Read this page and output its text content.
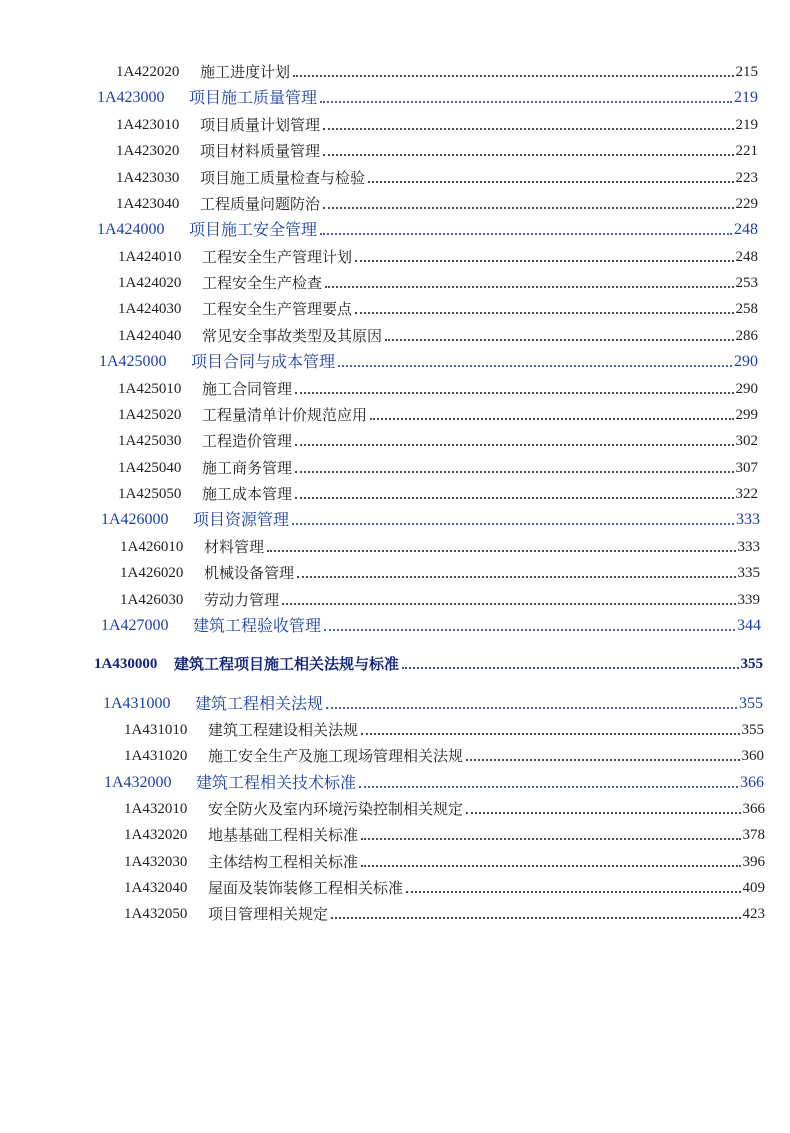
1A422020	施工进度计划	215
1A423000	项目施工质量管理	219
1A423010	项目质量计划管理	219
1A423020	项目材料质量管理	221
1A423030	项目施工质量检查与检验	223
1A423040	工程质量问题防治	229
1A424000	项目施工安全管理	248
1A424010	工程安全生产管理计划	248
1A424020	工程安全生产检查	253
1A424030	工程安全生产管理要点	258
1A424040	常见安全事故类型及其原因	286
1A425000	项目合同与成本管理	290
1A425010	施工合同管理	290
1A425020	工程量清单计价规范应用	299
1A425030	工程造价管理	302
1A425040	施工商务管理	307
1A425050	施工成本管理	322
1A426000	项目资源管理	333
1A426010	材料管理	333
1A426020	机械设备管理	335
1A426030	劳动力管理	339
1A427000	建筑工程验收管理	344
1A430000	建筑工程项目施工相关法规与标准	355
1A431000	建筑工程相关法规	355
1A431010	建筑工程建设相关法规	355
1A431020	施工安全生产及施工现场管理相关法规	360
1A432000	建筑工程相关技术标准	366
1A432010	安全防火及室内环境污染控制相关规定	366
1A432020	地基基础工程相关标准	378
1A432030	主体结构工程相关标准	396
1A432040	屋面及装饰装修工程相关标准	409
1A432050	项目管理相关规定	423
